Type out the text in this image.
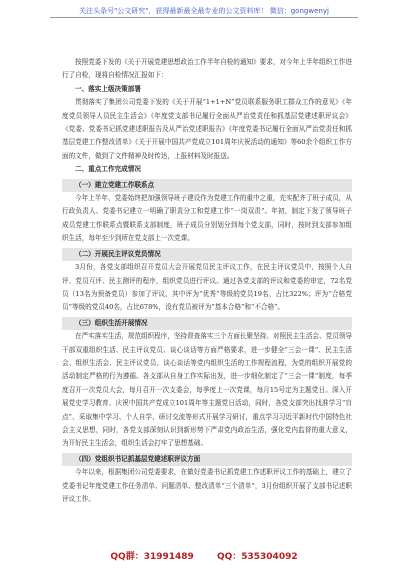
关注头条号"公文研究"，获得最新最全最专业的公文资料库！ 微信：gongwenyj

按照党委下发的《关于开展党建思想政治工作半年自检的通知》要求，对今年上半年组织工作进行了自检，现将自检情况汇报如下：

一、落实上级决策部署

贯彻落实了集团公司党委下发的《关于开展“1+1+N”党员联系服务职工群众工作的意见》《年度党员领导人员民主生活会》《年度党支部书记履行全面从严治党责任和抓基层党建述职评议会》《党委、党委书记抓党建述职报告及从严治党述职报告》《年度党委书记履行全面从严治党责任和抓基层党建工作整改清单》《关于开展中国共产党成立101周年庆祝活动的通知》等60余个组织工作方面的文件，做到了文件精神及时传达，上报材料及时报送。

二、重点工作完成情况
（一）建立党建工作联系点

今年上半年，党委始终把加强领导班子建设作为党建工作的重中之重，充实配齐了班子成员，从行政负责人、党委书记建立一明确了职责分工和党建工作“一岗双责”。年初，制定下发了领导班子成员党建工作联系点暨联系支部制度，班子成员分别划分到每个党支部，同时，按时到支部参加组织生活，每年至少到所在党支部上一次党课。

（二）开展民主评议党员情况

3月份，各党支部组织召开党员大会开展党员民主评议工作，在民主评议党员中，按照个人自评、党员互评、民主测评的程序，组织党员进行评议。通过各党支部的评议和党委的审定，72名党员（13名为预备党员）参加了评议，其中评为“优秀”等级的党员19名，占比322%；评为“合格党员”等级的党员40名，占比678%，没有党员被评为“基本合格”和“不合格”。

（三）组织生活开展情况

在严实落实生活，规范组织程序，坚持督查落实三个方面长聚坚持。对照民主生活会、党员领导干部双重组织生活、民主评议党员、谈心谈话等方面严格要求，进一步健全“三会一课”、民主生活会、组织生活会、民主评议党员、谈心谈话等党内组织生活的工作规程流程，为党的组织开展党的活动制定严格的行为遵循。各支部从自身工作实际出发，进一步细化制定了“三会一课”制度，每季度召开一次党员大会，每月召开一次支委会，每季度上一次党课，每月15号定为主题党日。深入开展党史学习教育、庆祝中国共产党成立101周年等主题党日活动，同时，各党支部突出找准学习“盲点”、采取集中学习、个人自学、研讨交流等形式开展学习研讨，重点学习习近平新时代中国特色社会主义思想，同时，各党支部深刻认识到新形势下严肃党内政治生活，强化党内监督的重大意义，为开好民主生活会，组织生活会打牢了思想基础。

（四）党组织书记抓基层党建述职评议方面

今年以来，根据集团公司党委要求，在做好党委书记抓党建工作述职评议工作的基础上，建立了党委书记年度党建工作任务清单、问题清单、整改清单“三个清单”，3月份组织开展了支部书记述职评议工作。

QQ群：31991489	QQ：535304092
